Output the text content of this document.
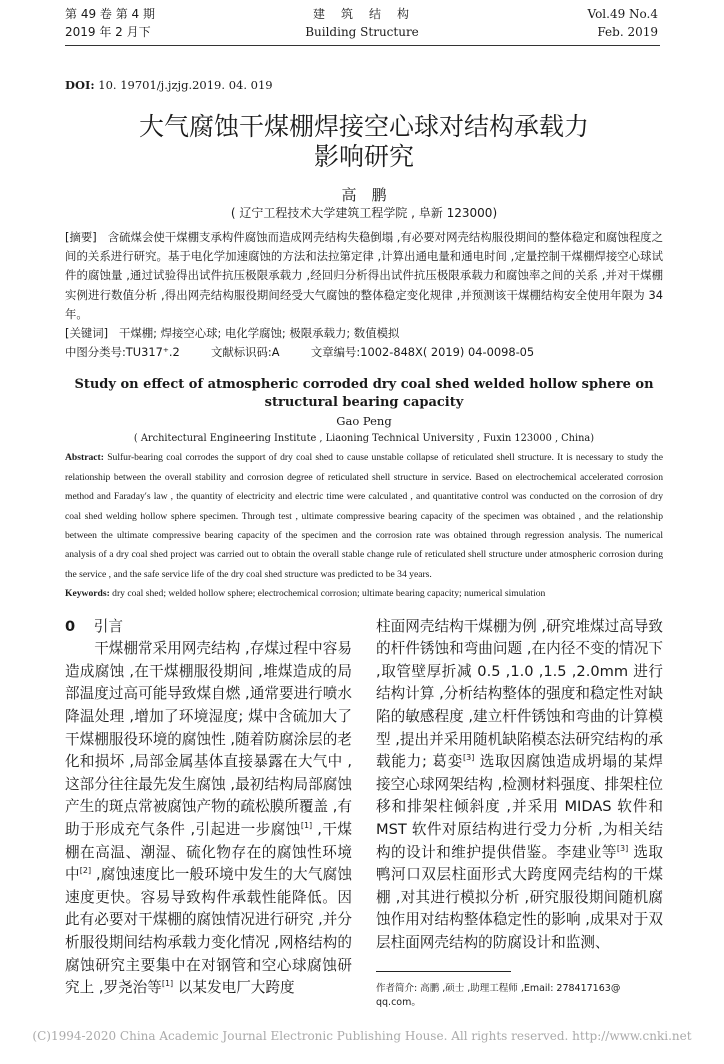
第 49 卷 第 4 期
2019 年 2 月下
建　筑　结　构
Building Structure
Vol.49 No.4
Feb. 2019
DOI: 10. 19701/j.jzjg.2019. 04. 019
大气腐蚀干煤棚焊接空心球对结构承载力
影响研究
高　鹏
( 辽宁工程技术大学建筑工程学院 , 阜新 123000)
[摘要] 含硫煤会使干煤棚支承构件腐蚀而造成网壳结构失稳倒塌 ,有必要对网壳结构服役期间的整体稳定和腐蚀程度之间的关系进行研究。基于电化学加速腐蚀的方法和法拉第定律 ,计算出通电量和通电时间 ,定量控制干煤棚焊接空心球试件的腐蚀量 ,通过试验得出试件抗压极限承载力 ,经回归分析得出试件抗压极限承载力和腐蚀率之间的关系 ,并对干煤棚实例进行数值分析 ,得出网壳结构服役期间经受大气腐蚀的整体稳定变化规律 ,并预测该干煤棚结构安全使用年限为 34 年。
[关键词] 干煤棚; 焊接空心球; 电化学腐蚀; 极限承载力; 数值模拟
中图分类号:TU317⁺.2	文献标识码:A	文章编号:1002-848X( 2019) 04-0098-05
Study on effect of atmospheric corroded dry coal shed welded hollow sphere on
structural bearing capacity
Gao Peng
( Architectural Engineering Institute , Liaoning Technical University , Fuxin 123000 , China)
Abstract: Sulfur-bearing coal corrodes the support of dry coal shed to cause unstable collapse of reticulated shell structure. It is necessary to study the relationship between the overall stability and corrosion degree of reticulated shell structure in service. Based on electrochemical accelerated corrosion method and Faraday′s law , the quantity of electricity and electric time were calculated , and quantitative control was conducted on the corrosion of dry coal shed welding hollow sphere specimen. Through test , ultimate compressive bearing capacity of the specimen was obtained , and the relationship between the ultimate compressive bearing capacity of the specimen and the corrosion rate was obtained through regression analysis. The numerical analysis of a dry coal shed project was carried out to obtain the overall stable change rule of reticulated shell structure under atmospheric corrosion during the service , and the safe service life of the dry coal shed structure was predicted to be 34 years.
Keywords: dry coal shed; welded hollow sphere; electrochemical corrosion; ultimate bearing capacity; numerical simulation
0 引言

干煤棚常采用网壳结构 ,存煤过程中容易造成腐蚀 ,在干煤棚服役期间 ,堆煤造成的局部温度过高可能导致煤自燃 ,通常要进行喷水降温处理 ,增加了环境湿度; 煤中含硫加大了干煤棚服役环境的腐蚀性 ,随着防腐涂层的老化和损坏 ,局部金属基体直接暴露在大气中 ,这部分往往最先发生腐蚀 ,最初结构局部腐蚀产生的斑点常被腐蚀产物的疏松膜所覆盖 ,有助于形成充气条件 ,引起进一步腐蚀[1] ,干煤棚在高温、潮湿、硫化物存在的腐蚀性环境中[2] ,腐蚀速度比一般环境中发生的大气腐蚀速度更快。容易导致构件承载性能降低。因此有必要对干煤棚的腐蚀情况进行研究 ,并分析服役期间结构承载力变化情况 ,网格结构的腐蚀研究主要集中在对钢管和空心球腐蚀研究上 ,罗尧治等[1] 以某发电厂大跨度

柱面网壳结构干煤棚为例 ,研究堆煤过高导致的杆件锈蚀和弯曲问题 ,在内径不变的情况下 ,取管壁厚折减 0.5 ,1.0 ,1.5 ,2.0mm 进行结构计算 ,分析结构整体的强度和稳定性对缺陷的敏感程度 ,建立杆件锈蚀和弯曲的计算模型 ,提出并采用随机缺陷模态法研究结构的承载能力; 葛娈[3] 选取因腐蚀造成坍塌的某焊接空心球网架结构 ,检测材料强度、排架柱位移和排架柱倾斜度 ,并采用 MIDAS 软件和 MST 软件对原结构进行受力分析 ,为相关结构的设计和维护提供借鉴。李建业等[3] 选取鸭河口双层柱面形式大跨度网壳结构的干煤棚 ,对其进行模拟分析 ,研究服役期间随机腐蚀作用对结构整体稳定性的影响 ,成果对于双层柱面网壳结构的防腐设计和监测、
作者简介: 高鹏 ,硕士 ,助理工程师 ,Email: 278417163@ qq.com。
(C)1994-2020 China Academic Journal Electronic Publishing House. All rights reserved. http://www.cnki.net
